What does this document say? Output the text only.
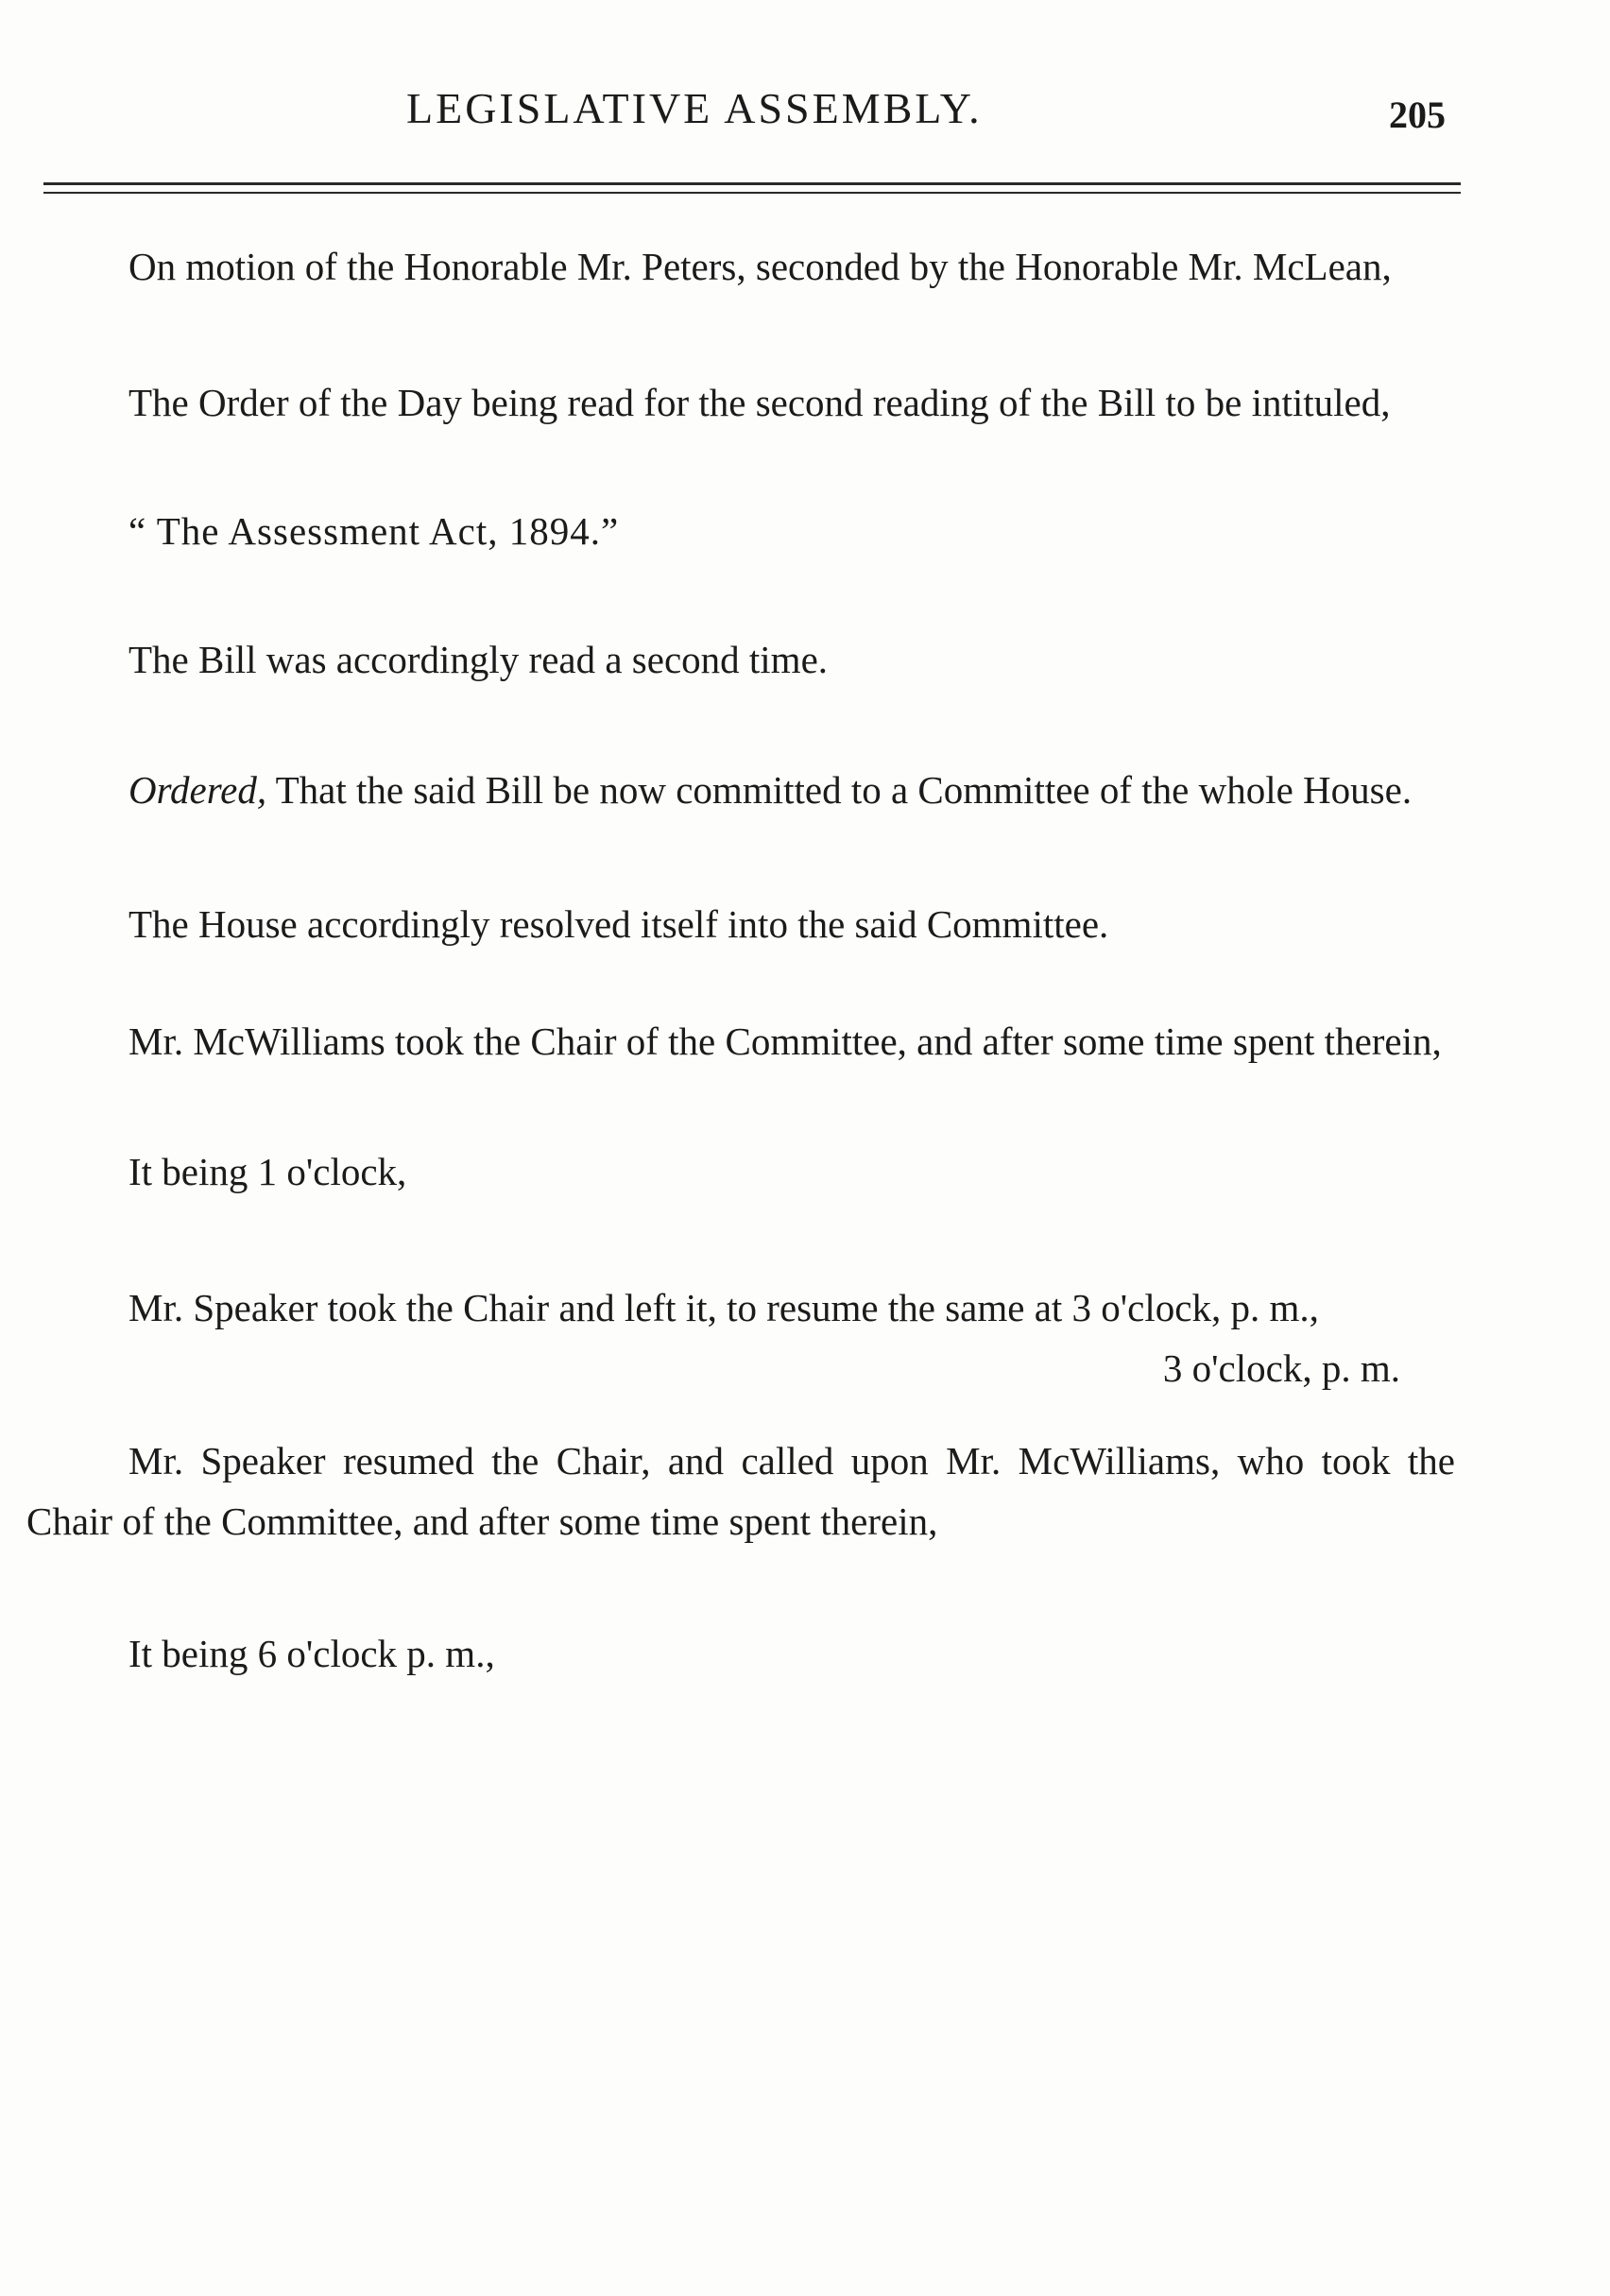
LEGISLATIVE ASSEMBLY.	205

On motion of the Honorable Mr. Peters, seconded by the Honorable Mr. McLean,

The Order of the Day being read for the second reading of the Bill to be intituled,

“ The Assessment Act, 1894.”

The Bill was accordingly read a second time.

Ordered, That the said Bill be now committed to a Committee of the whole House.

The House accordingly resolved itself into the said Committee.

Mr. McWilliams took the Chair of the Committee, and after some time spent therein,

It being 1 o'clock,

Mr. Speaker took the Chair and left it, to resume the same at 3 o'clock, p. m.,

3 o'clock, p. m.

Mr. Speaker resumed the Chair, and called upon Mr. McWilliams, who took the Chair of the Committee, and after some time spent therein,

It being 6 o'clock p. m.,
